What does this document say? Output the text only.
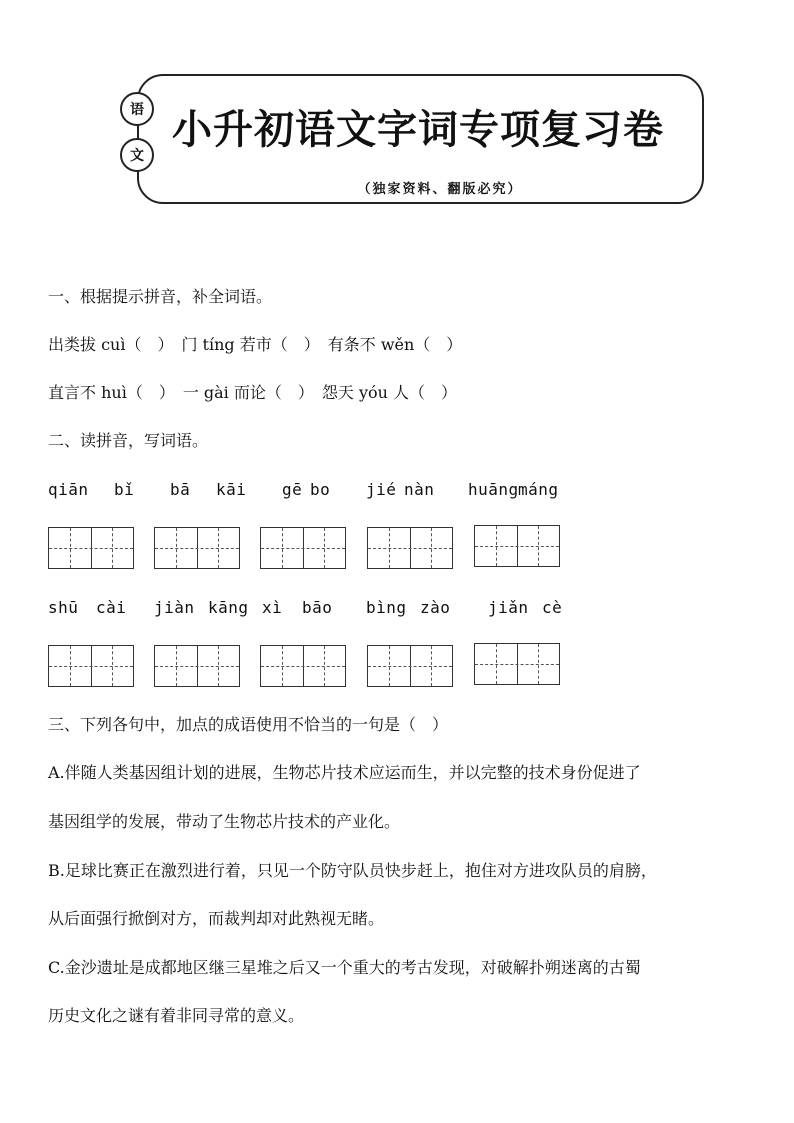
语
文
小升初语文字词专项复习卷
（独家资料、翻版必究）
一、根据提示拼音，补全词语。
出类拔 cuì（　）　门 tíng 若市（　）　有条不 wěn（　）
直言不 huì（　）　一 gài 而论（　）　怨天 yóu 人（　）
二、读拼音，写词语。
qiān bǐ bā kāi gē bo jié nàn huāng máng
shū cài jiàn kāng xì bāo bìng zào jiǎn cè
三、下列各句中，加点的成语使用不恰当的一句是（　）
A.伴随人类基因组计划的进展，生物芯片技术应运而生，并以完整的技术身份促进了
基因组学的发展，带动了生物芯片技术的产业化。
B.足球比赛正在激烈进行着，只见一个防守队员快步赶上，抱住对方进攻队员的肩膀，
从后面强行掀倒对方，而裁判却对此熟视无睹。
C.金沙遗址是成都地区继三星堆之后又一个重大的考古发现，对破解扑朔迷离的古蜀
历史文化之谜有着非同寻常的意义。
